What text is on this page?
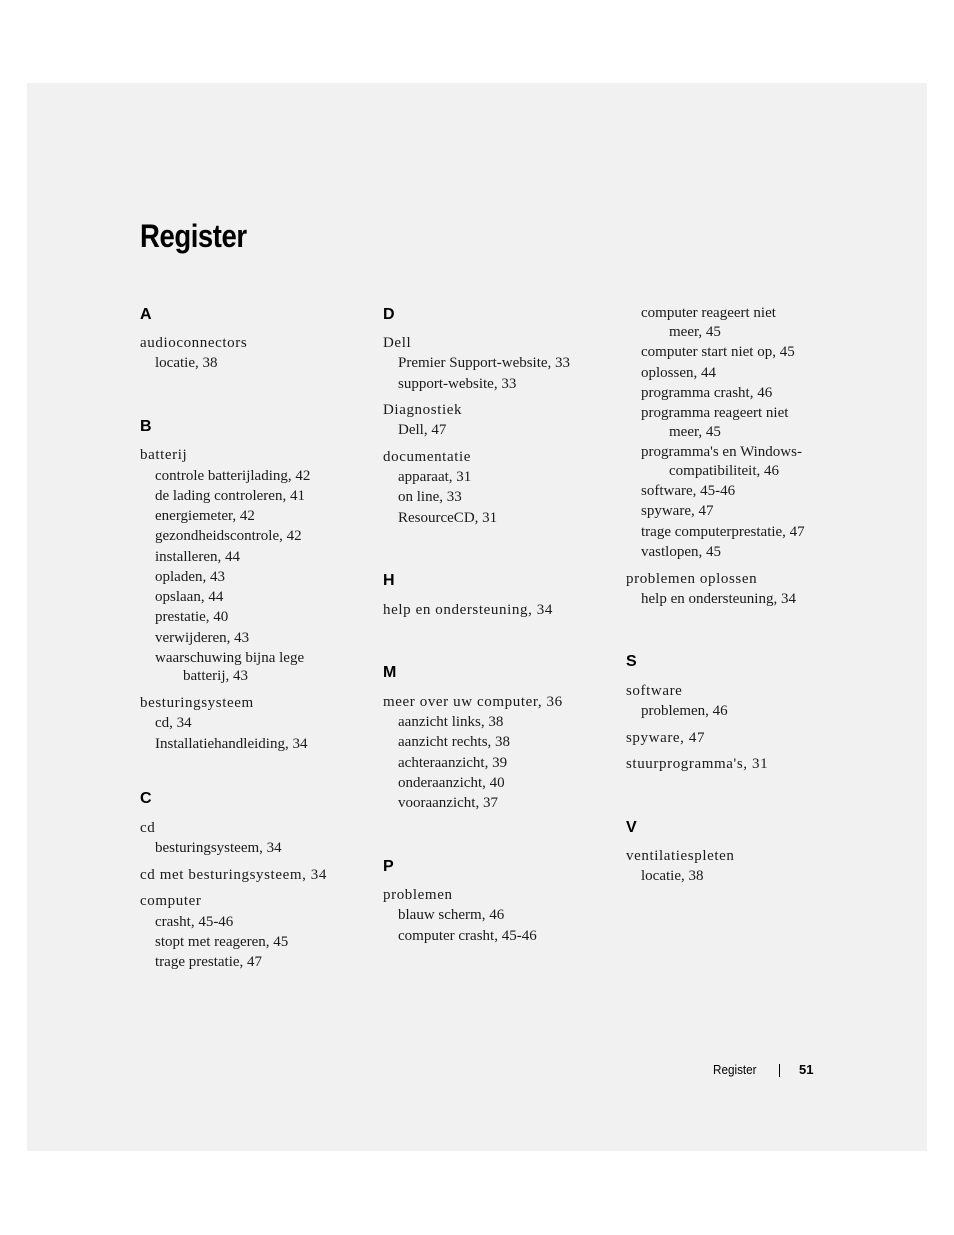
Register
A
audioconnectors
locatie, 38
B
batterij
controle batterijlading, 42
de lading controleren, 41
energiemeter, 42
gezondheidscontrole, 42
installeren, 44
opladen, 43
opslaan, 44
prestatie, 40
verwijderen, 43
waarschuwing bijna lege
batterij, 43
besturingsysteem
cd, 34
Installatiehandleiding, 34
C
cd
besturingsysteem, 34
cd met besturingsysteem, 34
computer
crasht, 45-46
stopt met reageren, 45
trage prestatie, 47
D
Dell
Premier Support-website, 33
support-website, 33
Diagnostiek
Dell, 47
documentatie
apparaat, 31
on line, 33
ResourceCD, 31
H
help en ondersteuning, 34
M
meer over uw computer, 36
aanzicht links, 38
aanzicht rechts, 38
achteraanzicht, 39
onderaanzicht, 40
vooraanzicht, 37
P
problemen
blauw scherm, 46
computer crasht, 45-46
computer reageert niet
meer, 45
computer start niet op, 45
oplossen, 44
programma crasht, 46
programma reageert niet
meer, 45
programma's en Windows-
compatibiliteit, 46
software, 45-46
spyware, 47
trage computerprestatie, 47
vastlopen, 45
problemen oplossen
help en ondersteuning, 34
S
software
problemen, 46
spyware, 47
stuurprogramma's, 31
V
ventilatiespleten
locatie, 38
Register	51
